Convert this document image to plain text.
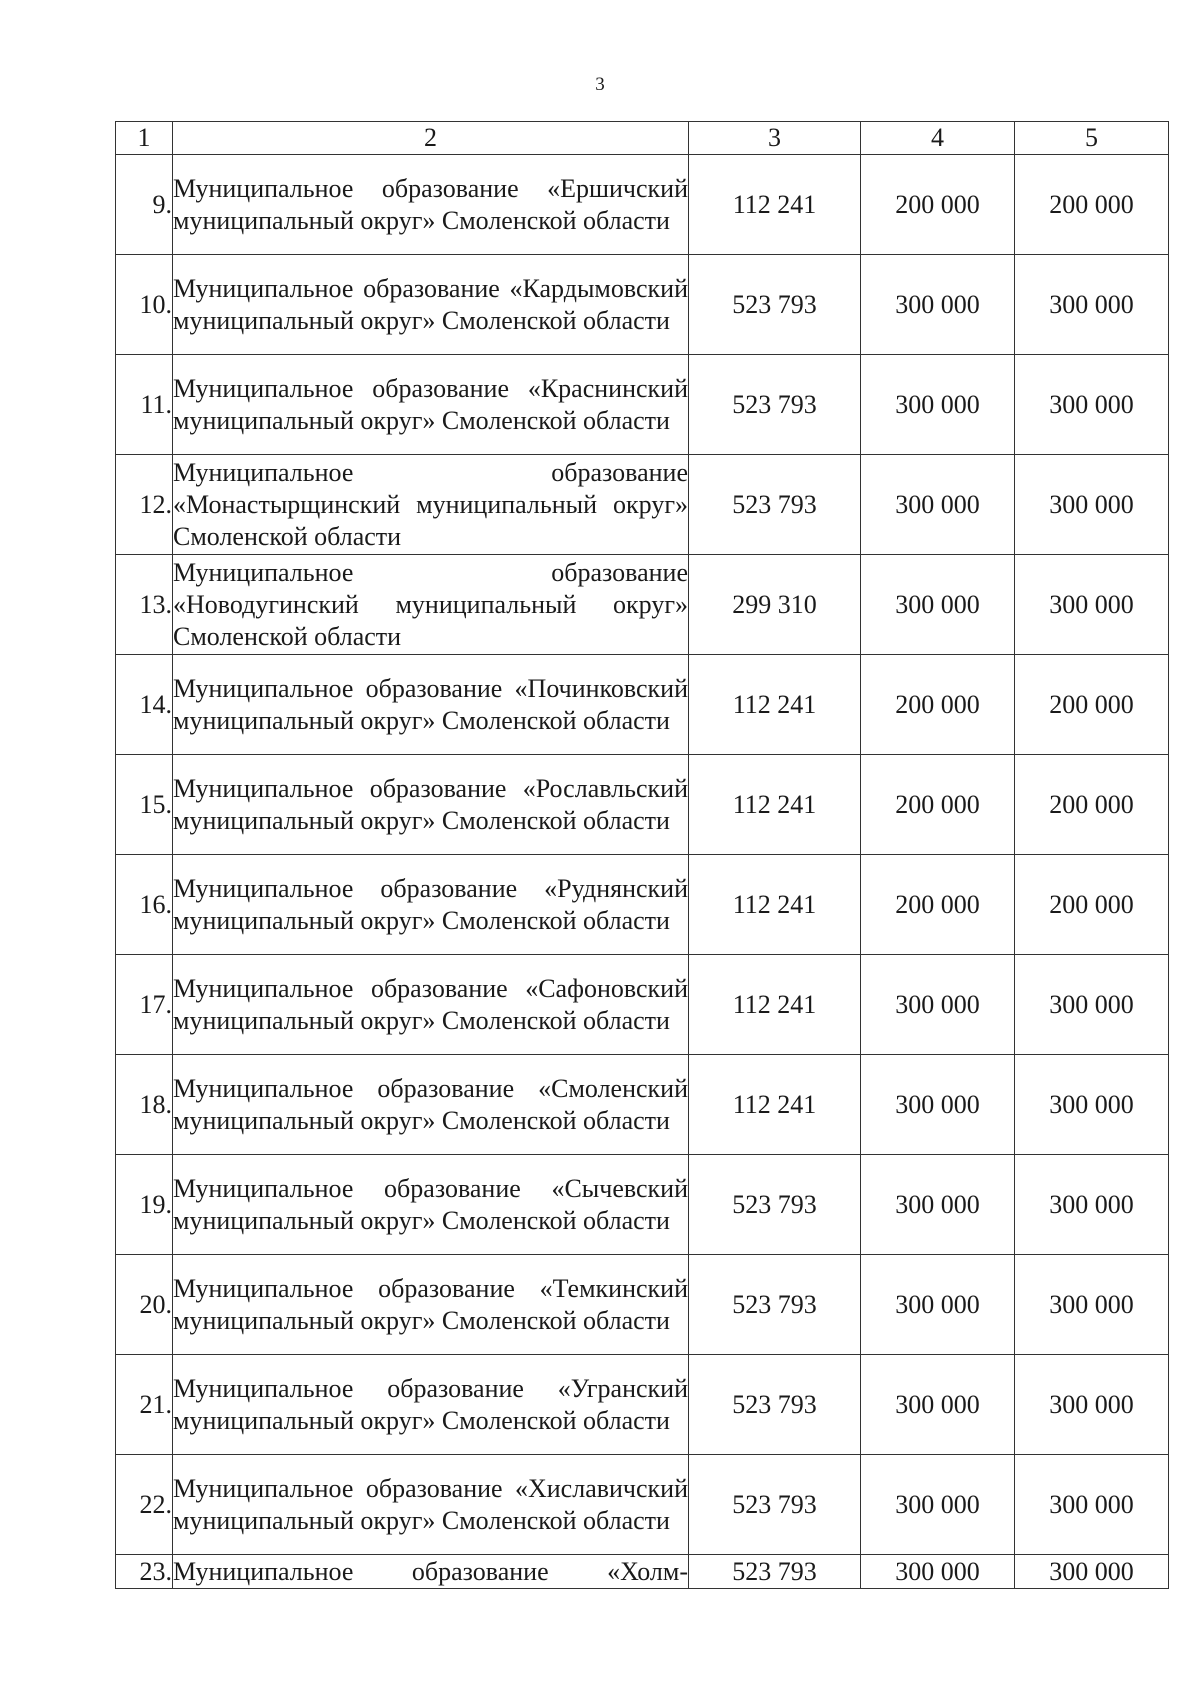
3
1	2	3	4	5
9.	Муниципальное образование «Ершичский муниципальный округ» Смоленской области	112 241	200 000	200 000
10.	Муниципальное образование «Кардымовский муниципальный округ» Смоленской области	523 793	300 000	300 000
11.	Муниципальное образование «Краснинский муниципальный округ» Смоленской области	523 793	300 000	300 000
12.	Муниципальное образование «Монастырщинский муниципальный округ» Смоленской области	523 793	300 000	300 000
13.	Муниципальное образование «Новодугинский муниципальный округ» Смоленской области	299 310	300 000	300 000
14.	Муниципальное образование «Починковский муниципальный округ» Смоленской области	112 241	200 000	200 000
15.	Муниципальное образование «Рославльский муниципальный округ» Смоленской области	112 241	200 000	200 000
16.	Муниципальное образование «Руднянский муниципальный округ» Смоленской области	112 241	200 000	200 000
17.	Муниципальное образование «Сафоновский муниципальный округ» Смоленской области	112 241	300 000	300 000
18.	Муниципальное образование «Смоленский муниципальный округ» Смоленской области	112 241	300 000	300 000
19.	Муниципальное образование «Сычевский муниципальный округ» Смоленской области	523 793	300 000	300 000
20.	Муниципальное образование «Темкинский муниципальный округ» Смоленской области	523 793	300 000	300 000
21.	Муниципальное образование «Угранский муниципальный округ» Смоленской области	523 793	300 000	300 000
22.	Муниципальное образование «Хиславичский муниципальный округ» Смоленской области	523 793	300 000	300 000
23.	Муниципальное образование «Холм-	523 793	300 000	300 000
